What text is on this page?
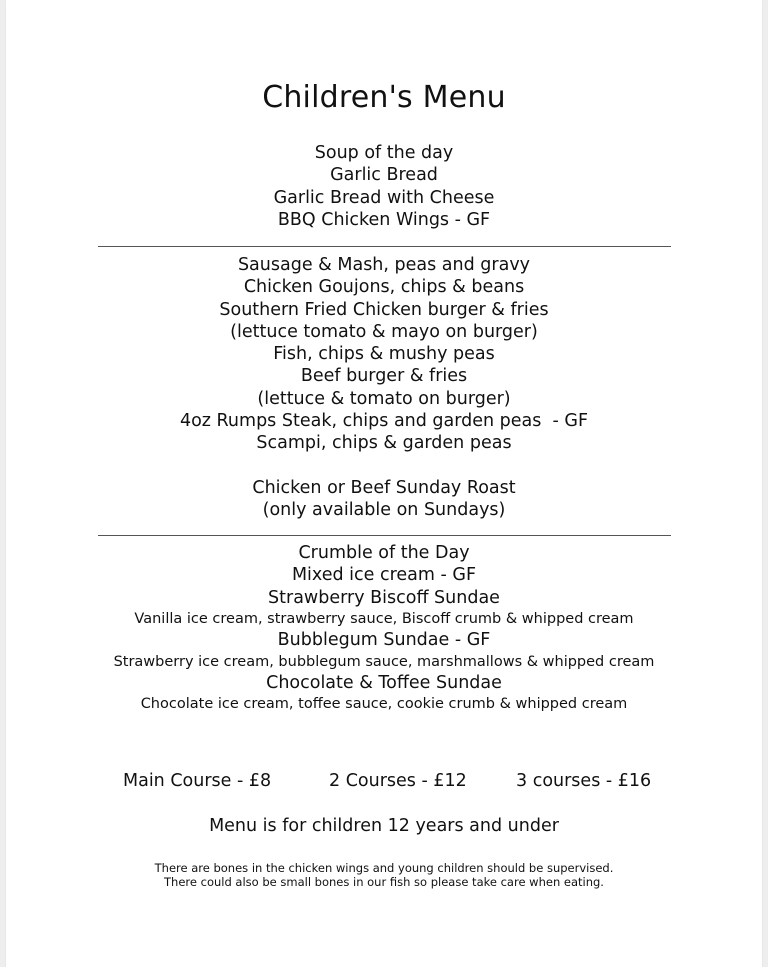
Children's Menu
Soup of the day
Garlic Bread
Garlic Bread with Cheese
BBQ Chicken Wings - GF
Sausage & Mash, peas and gravy
Chicken Goujons, chips & beans
Southern Fried Chicken burger & fries
(lettuce tomato & mayo on burger)
Fish, chips & mushy peas
Beef burger & fries
(lettuce & tomato on burger)
4oz Rumps Steak, chips and garden peas  - GF
Scampi, chips & garden peas
Chicken or Beef Sunday Roast
(only available on Sundays)
Crumble of the Day
Mixed ice cream - GF
Strawberry Biscoff Sundae
Vanilla ice cream, strawberry sauce, Biscoff crumb & whipped cream
Bubblegum Sundae - GF
Strawberry ice cream, bubblegum sauce, marshmallows & whipped cream
Chocolate & Toffee Sundae
Chocolate ice cream, toffee sauce, cookie crumb & whipped cream
Main Course - £8	2 Courses - £12	3 courses - £16
Menu is for children 12 years and under
There are bones in the chicken wings and young children should be supervised.
There could also be small bones in our fish so please take care when eating.
